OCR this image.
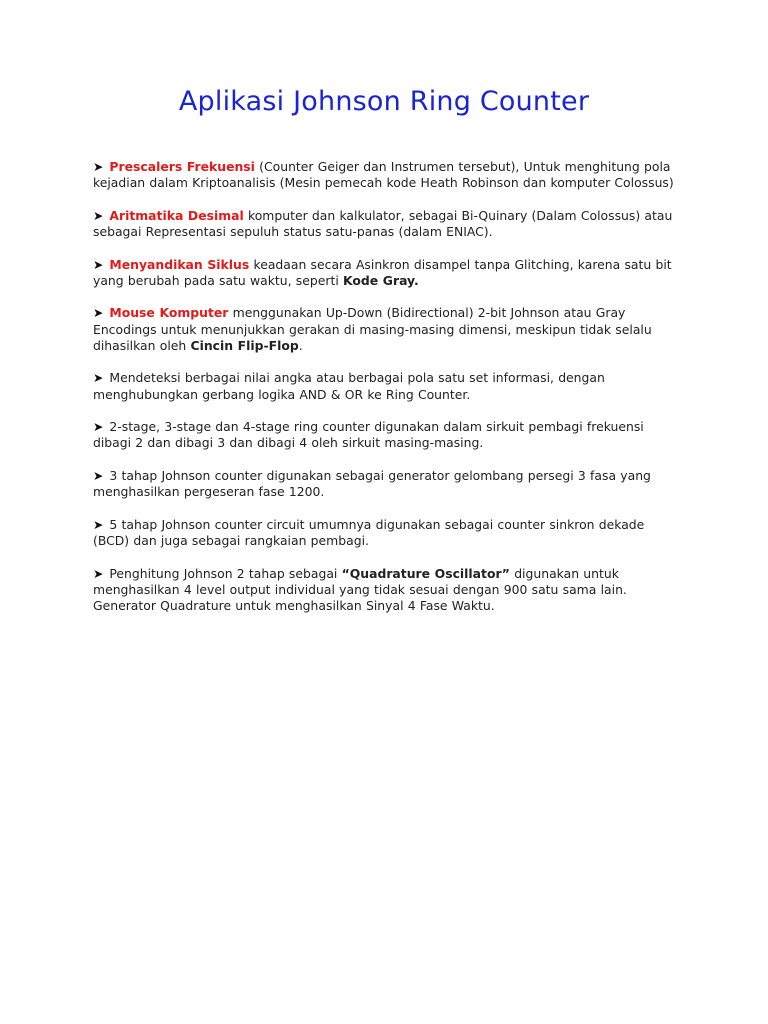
Aplikasi Johnson Ring Counter

➤ Prescalers Frekuensi (Counter Geiger dan Instrumen tersebut), Untuk menghitung pola kejadian dalam Kriptoanalisis (Mesin pemecah kode Heath Robinson dan komputer Colossus)

➤ Aritmatika Desimal komputer dan kalkulator, sebagai Bi-Quinary (Dalam Colossus) atau sebagai Representasi sepuluh status satu-panas (dalam ENIAC).

➤ Menyandikan Siklus keadaan secara Asinkron disampel tanpa Glitching, karena satu bit yang berubah pada satu waktu, seperti Kode Gray.

➤ Mouse Komputer menggunakan Up-Down (Bidirectional) 2-bit Johnson atau Gray Encodings untuk menunjukkan gerakan di masing-masing dimensi, meskipun tidak selalu dihasilkan oleh Cincin Flip-Flop.

➤ Mendeteksi berbagai nilai angka atau berbagai pola satu set informasi, dengan menghubungkan gerbang logika AND & OR ke Ring Counter.

➤ 2-stage, 3-stage dan 4-stage ring counter digunakan dalam sirkuit pembagi frekuensi dibagi 2 dan dibagi 3 dan dibagi 4 oleh sirkuit masing-masing.

➤ 3 tahap Johnson counter digunakan sebagai generator gelombang persegi 3 fasa yang menghasilkan pergeseran fase 1200.

➤ 5 tahap Johnson counter circuit umumnya digunakan sebagai counter sinkron dekade (BCD) dan juga sebagai rangkaian pembagi.

➤ Penghitung Johnson 2 tahap sebagai “Quadrature Oscillator” digunakan untuk menghasilkan 4 level output individual yang tidak sesuai dengan 900 satu sama lain. Generator Quadrature untuk menghasilkan Sinyal 4 Fase Waktu.
